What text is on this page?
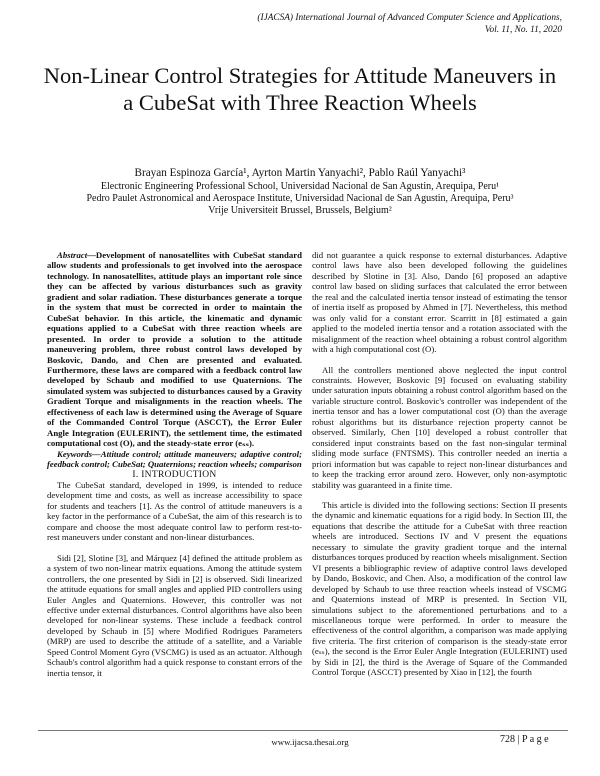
(IJACSA) International Journal of Advanced Computer Science and Applications,
Vol. 11, No. 11, 2020
Non-Linear Control Strategies for Attitude Maneuvers in a CubeSat with Three Reaction Wheels
Brayan Espinoza García¹, Ayrton Martin Yanyachi², Pablo Raúl Yanyachi³
Electronic Engineering Professional School, Universidad Nacional de San Agustin, Arequipa, Peru¹
Pedro Paulet Astronomical and Aerospace Institute, Universidad Nacional de San Agustin, Arequipa, Peru³
Vrije Universiteit Brussel, Brussels, Belgium²

Abstract—Development of nanosatellites with CubeSat standard allow students and professionals to get involved into the aerospace technology. In nanosatellites, attitude plays an important role since they can be affected by various disturbances such as gravity gradient and solar radiation. These disturbances generate a torque in the system that must be corrected in order to maintain the CubeSat behavior. In this article, the kinematic and dynamic equations applied to a CubeSat with three reaction wheels are presented. In order to provide a solution to the attitude maneuvering problem, three robust control laws developed by Boskovic, Dando, and Chen are presented and evaluated. Furthermore, these laws are compared with a feedback control law developed by Schaub and modified to use Quaternions. The simulated system was subjected to disturbances caused by a Gravity Gradient Torque and misalignments in the reaction wheels. The effectiveness of each law is determined using the Average of Square of the Commanded Control Torque (ASCCT), the Error Euler Angle Integration (EULERINT), the settlement time, the estimated computational cost (O), and the steady-state error (eₛₛ).

Keywords—Attitude control; attitude maneuvers; adaptive control; feedback control; CubeSat; Quaternions; reaction wheels; comparison

I. INTRODUCTION

The CubeSat standard, developed in 1999, is intended to reduce development time and costs, as well as increase accessibility to space for students and teachers [1]. As the control of attitude maneuvers is a key factor in the performance of a CubeSat, the aim of this research is to compare and choose the most adequate control law to perform rest-to-rest maneuvers under constant and non-linear disturbances.

Sidi [2], Slotine [3], and Márquez [4] defined the attitude problem as a system of two non-linear matrix equations. Among the attitude system controllers, the one presented by Sidi in [2] is observed. Sidi linearized the attitude equations for small angles and applied PID controllers using Euler Angles and Quaternions. However, this controller was not effective under external disturbances. Control algorithms have also been developed for non-linear systems. These include a feedback control developed by Schaub in [5] where Modified Rodrigues Parameters (MRP) are used to describe the attitude of a satellite, and a Variable Speed Control Moment Gyro (VSCMG) is used as an actuator. Although Schaub's control algorithm had a quick response to constant errors of the inertia tensor, it

did not guarantee a quick response to external disturbances. Adaptive control laws have also been developed following the guidelines described by Slotine in [3]. Also, Dando [6] proposed an adaptive control law based on sliding surfaces that calculated the error between the real and the calculated inertia tensor instead of estimating the tensor of inertia itself as proposed by Ahmed in [7]. Nevertheless, this method was only valid for a constant error. Scarritt in [8] estimated a gain applied to the modeled inertia tensor and a rotation associated with the misalignment of the reaction wheel obtaining a robust control algorithm with a high computational cost (O).

All the controllers mentioned above neglected the input control constraints. However, Boskovic [9] focused on evaluating stability under saturation inputs obtaining a robust control algorithm based on the variable structure control. Boskovic's controller was independent of the inertia tensor and has a lower computational cost (O) than the average robust algorithms but its disturbance rejection property cannot be observed. Similarly, Chen [10] developed a robust controller that considered input constraints based on the fast non-singular terminal sliding mode surface (FNTSMS). This controller needed an inertia a priori information but was capable to reject non-linear disturbances and to keep the tracking error around zero. However, only non-asymptotic stability was guaranteed in a finite time.

This article is divided into the following sections: Section II presents the dynamic and kinematic equations for a rigid body. In Section III, the equations that describe the attitude for a CubeSat with three reaction wheels are introduced. Sections IV and V present the equations necessary to simulate the gravity gradient torque and the internal disturbances torques produced by reaction wheels misalignment. Section VI presents a bibliographic review of adaptive control laws developed by Dando, Boskovic, and Chen. Also, a modification of the control law developed by Schaub to use three reaction wheels instead of VSCMG and Quaternions instead of MRP is presented. In Section VII, simulations subject to the aforementioned perturbations and to a miscellaneous torque were performed. In order to measure the effectiveness of the control algorithm, a comparison was made applying five criteria. The first criterion of comparison is the steady-state error (eₛₛ), the second is the Error Euler Angle Integration (EULERINT) used by Sidi in [2], the third is the Average of Square of the Commanded Control Torque (ASCCT) presented by Xiao in [12], the fourth

www.ijacsa.thesai.org	728 | P a g e
